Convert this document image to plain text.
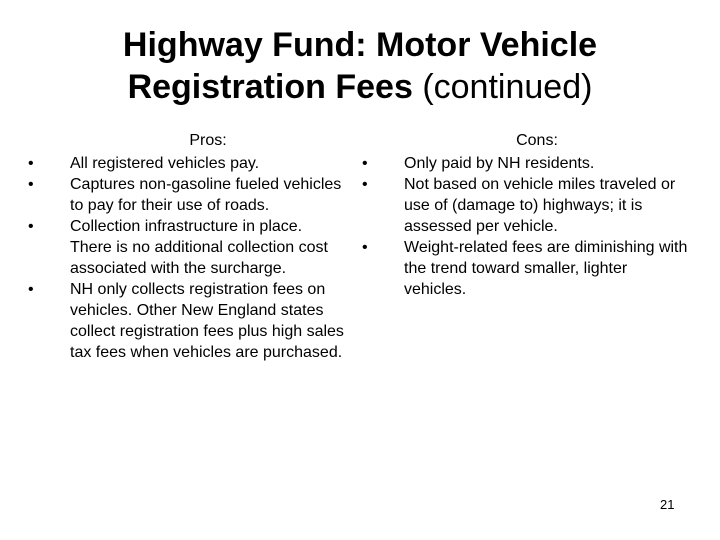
Highway Fund: Motor Vehicle
Registration Fees (continued)
Pros:
•	All registered vehicles pay.
•	Captures non-gasoline fueled vehicles to pay for their use of roads.
•	Collection infrastructure in place. There is no additional collection cost associated with the surcharge.
•	NH only collects registration fees on vehicles. Other New England states collect registration fees plus high sales tax fees when vehicles are purchased.
Cons:
•	Only paid by NH residents.
•	Not based on vehicle miles traveled or use of (damage to) highways; it is assessed per vehicle.
•	Weight-related fees are diminishing with the trend toward smaller, lighter vehicles.
21
